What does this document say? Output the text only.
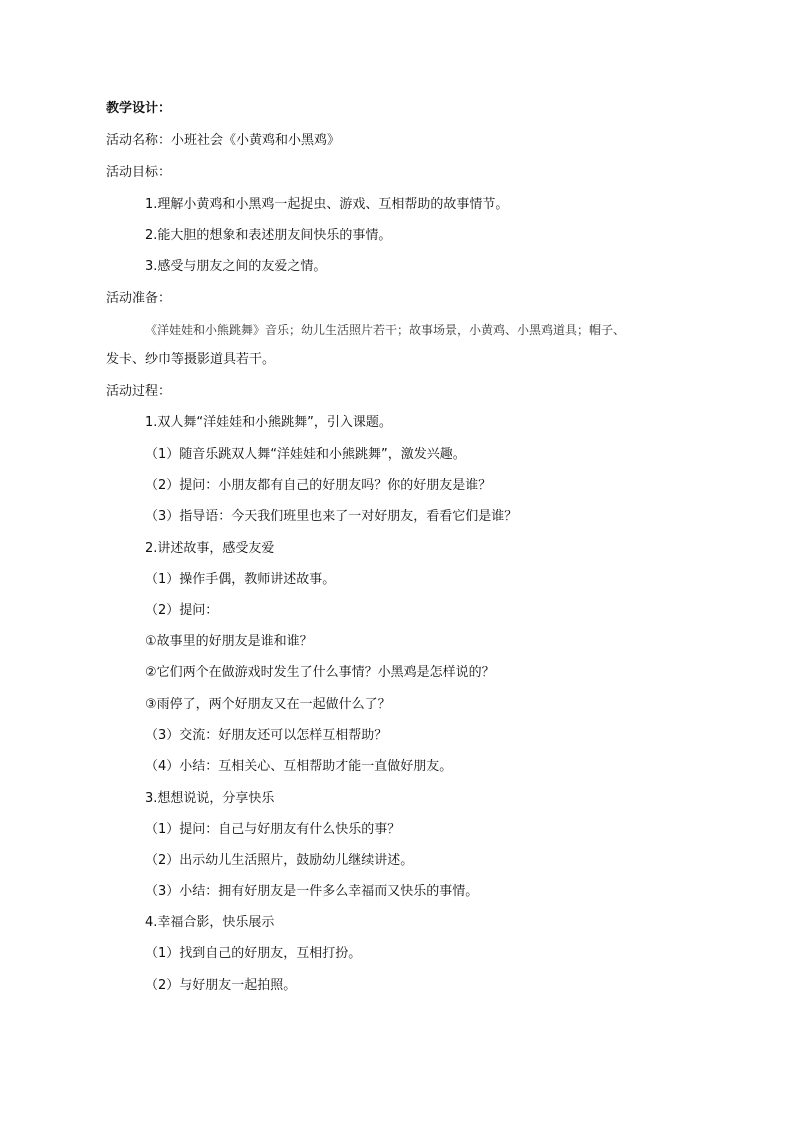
教学设计：
活动名称：小班社会《小黄鸡和小黑鸡》
活动目标：
1.理解小黄鸡和小黑鸡一起捉虫、游戏、互相帮助的故事情节。
2.能大胆的想象和表述朋友间快乐的事情。
3.感受与朋友之间的友爱之情。
活动准备：
《洋娃娃和小熊跳舞》音乐；幼儿生活照片若干；故事场景，小黄鸡、小黑鸡道具；帽子、
发卡、纱巾等摄影道具若干。
活动过程：
1.双人舞“洋娃娃和小熊跳舞”，引入课题。
（1）随音乐跳双人舞“洋娃娃和小熊跳舞”，激发兴趣。
（2）提问：小朋友都有自己的好朋友吗？你的好朋友是谁？
（3）指导语：今天我们班里也来了一对好朋友，看看它们是谁？
2.讲述故事，感受友爱
（1）操作手偶，教师讲述故事。
（2）提问：
①故事里的好朋友是谁和谁？
②它们两个在做游戏时发生了什么事情？小黑鸡是怎样说的？
③雨停了，两个好朋友又在一起做什么了？
（3）交流：好朋友还可以怎样互相帮助？
（4）小结：互相关心、互相帮助才能一直做好朋友。
3.想想说说，分享快乐
（1）提问：自己与好朋友有什么快乐的事？
（2）出示幼儿生活照片，鼓励幼儿继续讲述。
（3）小结：拥有好朋友是一件多么幸福而又快乐的事情。
4.幸福合影，快乐展示
（1）找到自己的好朋友，互相打扮。
（2）与好朋友一起拍照。
